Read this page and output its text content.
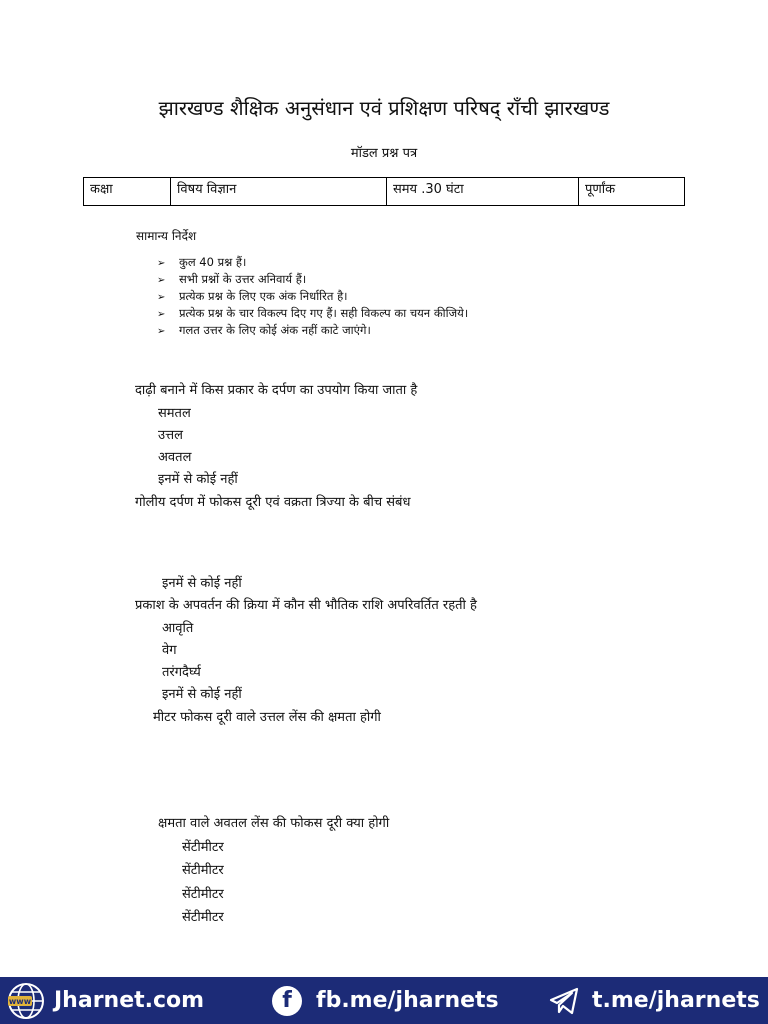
झारखण्ड शैक्षिक अनुसंधान एवं प्रशिक्षण परिषद् राँची झारखण्ड
मॉडल प्रश्न पत्र
कक्षा	विषय विज्ञान	समय .30 घंटा	पूर्णांक
सामान्य निर्देश
➢ कुल 40 प्रश्न हैं।
➢ सभी प्रश्नों के उत्तर अनिवार्य हैं।
➢ प्रत्येक प्रश्न के लिए एक अंक निर्धारित है।
➢ प्रत्येक प्रश्न के चार विकल्प दिए गए हैं। सही विकल्प का चयन कीजिये।
➢ गलत उत्तर के लिए कोई अंक नहीं काटे जाएंगे।
दाढ़ी बनाने में किस प्रकार के दर्पण का उपयोग किया जाता है
समतल
उत्तल
अवतल
इनमें से कोई नहीं
गोलीय दर्पण में फोकस दूरी एवं वक्रता त्रिज्या के बीच संबंध
इनमें से कोई नहीं
प्रकाश के अपवर्तन की क्रिया में कौन सी भौतिक राशि अपरिवर्तित रहती है
आवृति
वेग
तरंगदैर्घ्य
इनमें से कोई नहीं
मीटर फोकस दूरी वाले उत्तल लेंस की क्षमता होगी
क्षमता वाले अवतल लेंस की फोकस दूरी क्या होगी
सेंटीमीटर
सेंटीमीटर
सेंटीमीटर
सेंटीमीटर
www Jharnet.com	f	fb.me/jharnets	t.me/jharnets
